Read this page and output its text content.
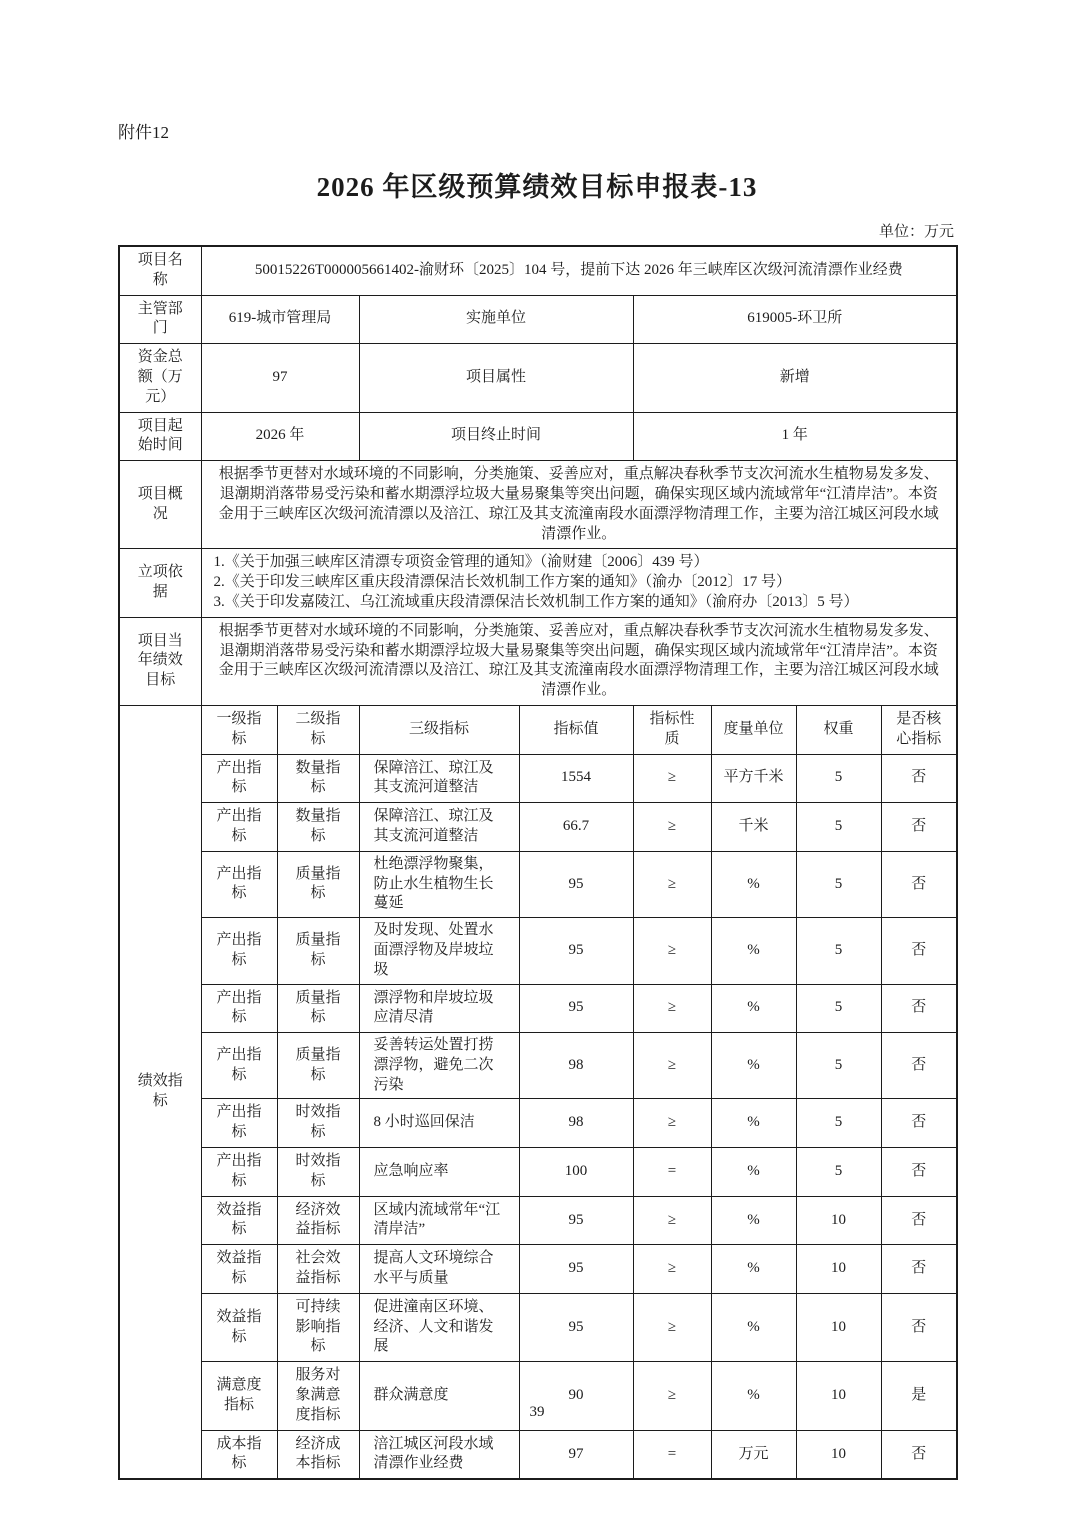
附件12
2026 年区级预算绩效目标申报表-13
单位：万元
项目名称	50015226T000005661402-渝财环〔2025〕104 号，提前下达 2026 年三峡库区次级河流清漂作业经费							
主管部门	619-城市管理局		实施单位		619005-环卫所			
资金总额（万元）	97		项目属性		新增			
项目起始时间	2026 年		项目终止时间		1 年			
项目概况	根据季节更替对水域环境的不同影响，分类施策、妥善应对，重点解决春秋季节支次河流水生植物易发多发、退潮期消落带易受污染和蓄水期漂浮垃圾大量易聚集等突出问题，确保实现区域内流域常年“江清岸洁”。本资金用于三峡库区次级河流清漂以及涪江、琼江及其支流潼南段水面漂浮物清理工作，主要为涪江城区河段水域清漂作业。							
立项依据	1.《关于加强三峡库区清漂专项资金管理的通知》（渝财建〔2006〕439 号）
2.《关于印发三峡库区重庆段清漂保洁长效机制工作方案的通知》（渝办〔2012〕17 号）
3.《关于印发嘉陵江、乌江流域重庆段清漂保洁长效机制工作方案的通知》（渝府办〔2013〕5 号）							

项目当年绩效目标	根据季节更替对水域环境的不同影响，分类施策、妥善应对，重点解决春秋季节支次河流水生植物易发多发、退潮期消落带易受污染和蓄水期漂浮垃圾大量易聚集等突出问题，确保实现区域内流域常年“江清岸洁”。本资金用于三峡库区次级河流清漂以及涪江、琼江及其支流潼南段水面漂浮物清理工作，主要为涪江城区河段水域清漂作业。							
绩效指标	一级指标	二级指标	三级指标	指标值	指标性质	度量单位	权重	是否核心指标
	产出指标	数量指标	保障涪江、琼江及其支流河道整洁	1554	≥	平方千米	5	否
	产出指标	数量指标	保障涪江、琼江及其支流河道整洁	66.7	≥	千米	5	否
	产出指标	质量指标	杜绝漂浮物聚集，防止水生植物生长蔓延	95	≥	%	5	否
	产出指标	质量指标	及时发现、处置水面漂浮物及岸坡垃圾	95	≥	%	5	否
	产出指标	质量指标	漂浮物和岸坡垃圾应清尽清	95	≥	%	5	否
	产出指标	质量指标	妥善转运处置打捞漂浮物，避免二次污染	98	≥	%	5	否
	产出指标	时效指标	8 小时巡回保洁	98	≥	%	5	否
	产出指标	时效指标	应急响应率	100	=	%	5	否
	效益指标	经济效益指标	区域内流域常年“江清岸洁”	95	≥	%	10	否
	效益指标	社会效益指标	提高人文环境综合水平与质量	95	≥	%	10	否
	效益指标	可持续影响指标	促进潼南区环境、经济、人文和谐发展	95	≥	%	10	否
	满意度指标	服务对象满意度指标	群众满意度	90	≥	%	10	是
	成本指标	经济成本指标	涪江城区河段水域清漂作业经费	97	=	万元	10	否
39
